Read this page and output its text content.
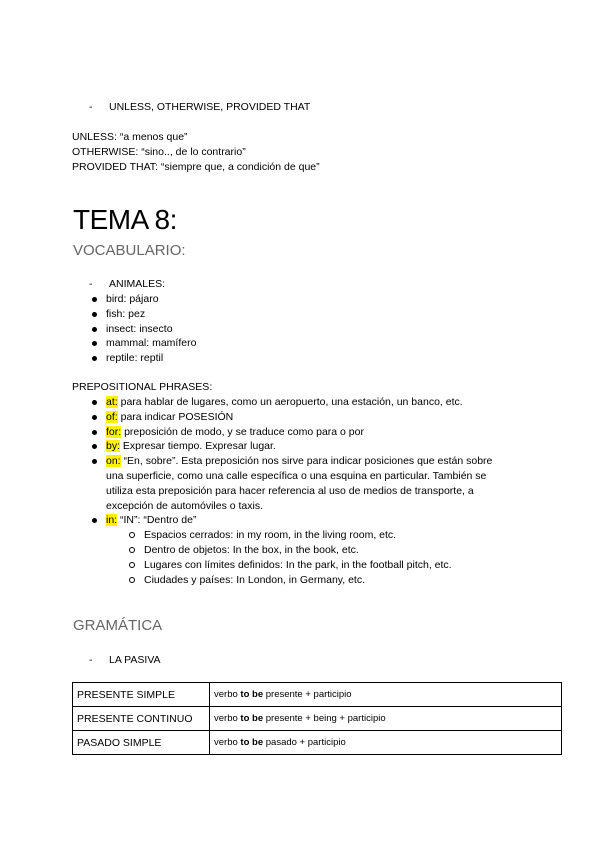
- UNLESS, OTHERWISE, PROVIDED THAT
UNLESS: “a menos que”
OTHERWISE: “sino.., de lo contrario”
PROVIDED THAT: “siempre que, a condición de que”
TEMA 8:
VOCABULARIO:
- ANIMALES:
bird: pájaro
fish: pez
insect: insecto
mammal: mamífero
reptile: reptil
PREPOSITIONAL PHRASES:
at: para hablar de lugares, como un aeropuerto, una estación, un banco, etc.
of: para indicar POSESIÓN
for: preposición de modo, y se traduce como para o por
by: Expresar tiempo. Expresar lugar.
on: “En, sobre”. Esta preposición nos sirve para indicar posiciones que están sobre una superficie, como una calle específica o una esquina en particular. También se utiliza esta preposición para hacer referencia al uso de medios de transporte, a excepción de automóviles o taxis.
in: “IN”: “Dentro de”
Espacios cerrados: in my room, in the living room, etc.
Dentro de objetos: In the box, in the book, etc.
Lugares con límites definidos: In the park, in the football pitch, etc.
Ciudades y países: In London, in Germany, etc.
GRAMÁTICA
- LA PASIVA
PRESENTE SIMPLE	verbo to be presente + participio
PRESENTE CONTINUO	verbo to be presente + being + participio
PASADO SIMPLE	verbo to be pasado + participio
